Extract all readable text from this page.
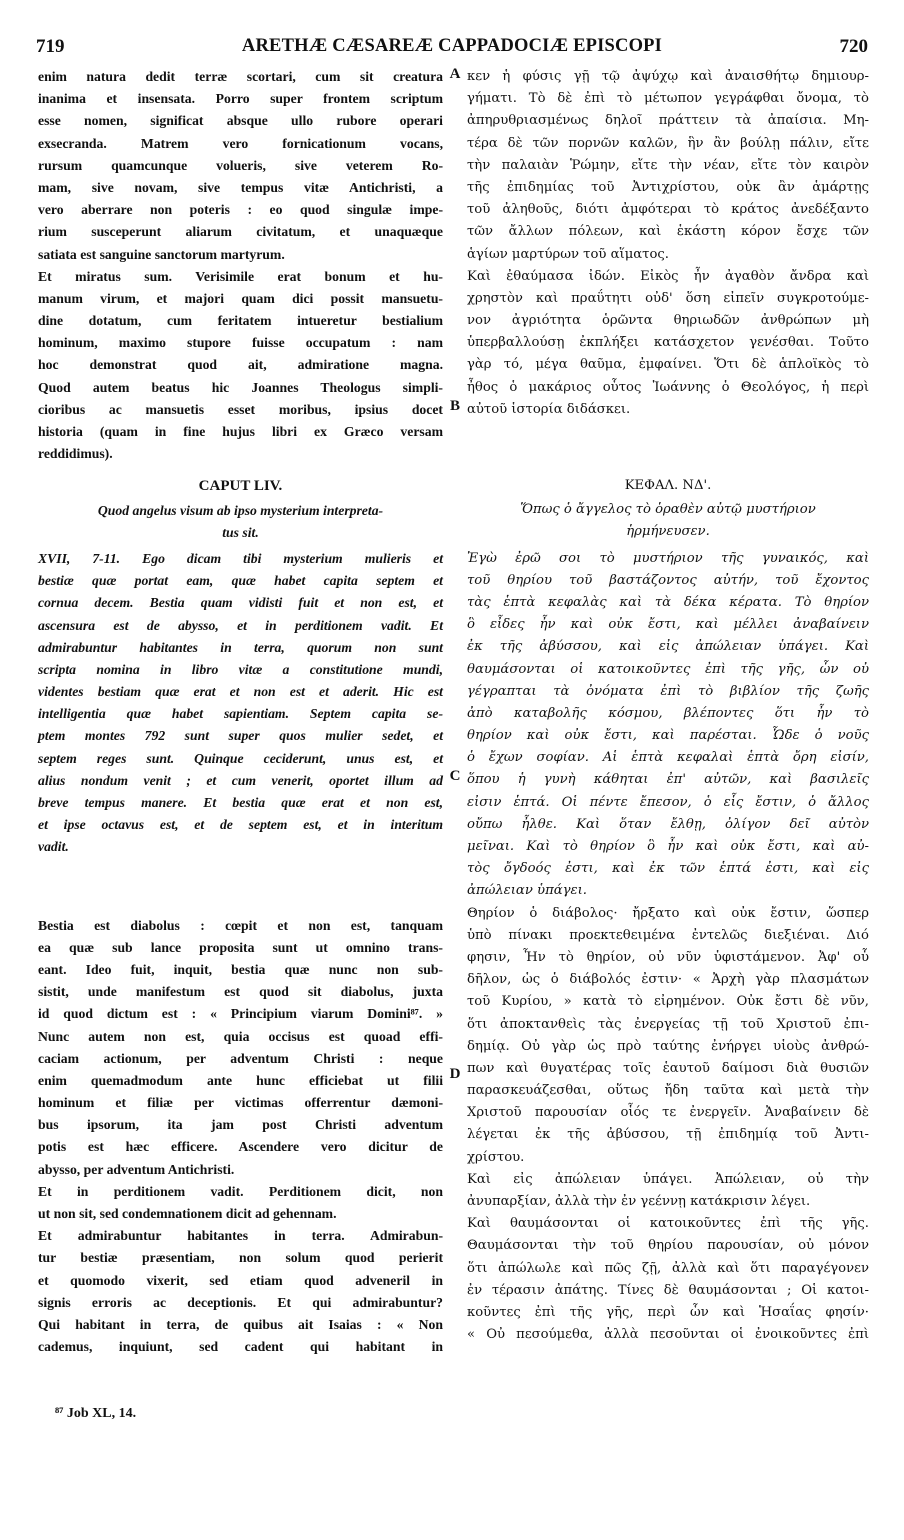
719	ARETHÆ CÆSAREÆ CAPPADOCIÆ EPISCOPI	720
A
B
C
D
enim natura dedit terræ scortari, cum sit creatura
inanima et insensata. Porro super frontem scriptum
esse nomen, significat absque ullo rubore operari
exsecranda. Matrem vero fornicationum vocans,
rursum quamcunque volueris, sive veterem Ro-
mam, sive novam, sive tempus vitæ Antichristi, a
vero aberrare non poteris : eo quod singulæ impe-
rium susceperunt aliarum civitatum, et unaquæque
satiata est sanguine sanctorum martyrum.
Et miratus sum. Verisimile erat bonum et hu-
manum virum, et majori quam dici possit mansuetu-
dine dotatum, cum feritatem intueretur bestialium
hominum, maximo stupore fuisse occupatum : nam
hoc demonstrat quod ait, admiratione magna.
Quod autem beatus hic Joannes Theologus simpli-
cioribus ac mansuetis esset moribus, ipsius docet
historia (quam in fine hujus libri ex Græco versam
reddidimus).
CAPUT LIV.
Quod angelus visum ab ipso mysterium interpreta-
tus sit.
XVII, 7-11. Ego dicam tibi mysterium mulieris et
bestiæ quæ portat eam, quæ habet capita septem et
cornua decem. Bestia quam vidisti fuit et non est, et
ascensura est de abysso, et in perditionem vadit. Et
admirabuntur habitantes in terra, quorum non sunt
scripta nomina in libro vitæ a constitutione mundi,
videntes bestiam quæ erat et non est et aderit. Hic est
intelligentia quæ habet sapientiam. Septem capita se-
ptem montes 792 sunt super quos mulier sedet, et
septem reges sunt. Quinque ceciderunt, unus est, et
alius nondum venit ; et cum venerit, oportet illum ad
breve tempus manere. Et bestia quæ erat et non est,
et ipse octavus est, et de septem est, et in interitum
vadit.
Bestia est diabolus : cœpit et non est, tanquam
ea quæ sub lance proposita sunt ut omnino trans-
eant. Ideo fuit, inquit, bestia quæ nunc non sub-
sistit, unde manifestum est quod sit diabolus, juxta
id quod dictum est : « Principium viarum Domini⁸⁷. »
Nunc autem non est, quia occisus est quoad effi-
caciam actionum, per adventum Christi : neque
enim quemadmodum ante hunc efficiebat ut filii
hominum et filiæ per victimas offerrentur dæmoni-
bus ipsorum, ita jam post Christi adventum
potis est hæc efficere. Ascendere vero dicitur de
abysso, per adventum Antichristi.
Et in perditionem vadit. Perditionem dicit, non
ut non sit, sed condemnationem dicit ad gehennam.
Et admirabuntur habitantes in terra. Admirabun-
tur bestiæ præsentiam, non solum quod perierit
et quomodo vixerit, sed etiam quod adveneril in
signis erroris ac deceptionis. Et qui admirabuntur?
Qui habitant in terra, de quibus ait Isaias : « Non
cademus, inquiunt, sed cadent qui habitant in
κεν ἡ φύσις γῇ τῷ ἀψύχῳ καὶ ἀναισθήτῳ δημιουρ-
γήματι. Τὸ δὲ ἐπὶ τὸ μέτωπον γεγράφθαι ὄνομα, τὸ
ἀπηρυθριασμένως δηλοῖ πράττειν τὰ ἀπαίσια. Μη-
τέρα δὲ τῶν πορνῶν καλῶν, ἣν ἂν βούλῃ πάλιν, εἴτε
τὴν παλαιὰν Ῥώμην, εἴτε τὴν νέαν, εἴτε τὸν καιρὸν
τῆς ἐπιδημίας τοῦ Ἀντιχρίστου, οὐκ ἂν ἁμάρτῃς
τοῦ ἀληθοῦς, διότι ἀμφότεραι τὸ κράτος ἀνεδέξαντο
τῶν ἄλλων πόλεων, καὶ ἑκάστη κόρον ἔσχε τῶν
ἁγίων μαρτύρων τοῦ αἵματος.
Καὶ ἐθαύμασα ἰδών. Εἰκὸς ἦν ἀγαθὸν ἄνδρα καὶ
χρηστὸν καὶ πραΰτητι οὐδ' ὅση εἰπεῖν συγκροτούμε-
νον ἀγριότητα ὁρῶντα θηριωδῶν ἀνθρώπων μὴ
ὑπερβαλλούσῃ ἐκπλήξει κατάσχετον γενέσθαι. Τοῦτο
γὰρ τό, μέγα θαῦμα, ἐμφαίνει. Ὅτι δὲ ἁπλοϊκὸς τὸ
ἦθος ὁ μακάριος οὗτος Ἰωάννης ὁ Θεολόγος, ἡ περὶ
αὐτοῦ ἱστορία διδάσκει.
ΚΕΦΑΛ. ΝΔ'.
Ὅπως ὁ ἄγγελος τὸ ὁραθὲν αὐτῷ μυστήριον
ἡρμήνευσεν.
Ἐγὼ ἐρῶ σοι τὸ μυστήριον τῆς γυναικός, καὶ
τοῦ θηρίου τοῦ βαστάζοντος αὐτήν, τοῦ ἔχοντος
τὰς ἑπτὰ κεφαλὰς καὶ τὰ δέκα κέρατα. Τὸ θηρίον
ὃ εἶδες ἦν καὶ οὐκ ἔστι, καὶ μέλλει ἀναβαίνειν
ἐκ τῆς ἀβύσσου, καὶ εἰς ἀπώλειαν ὑπάγει. Καὶ
θαυμάσονται οἱ κατοικοῦντες ἐπὶ τῆς γῆς, ὧν οὐ
γέγραπται τὰ ὀνόματα ἐπὶ τὸ βιβλίον τῆς ζωῆς
ἀπὸ καταβολῆς κόσμου, βλέποντες ὅτι ἦν τὸ
θηρίον καὶ οὐκ ἔστι, καὶ παρέσται. Ὧδε ὁ νοῦς
ὁ ἔχων σοφίαν. Αἱ ἑπτὰ κεφαλαὶ ἑπτὰ ὄρη εἰσίν,
ὅπου ἡ γυνὴ κάθηται ἐπ' αὐτῶν, καὶ βασιλεῖς
εἰσιν ἑπτά. Οἱ πέντε ἔπεσον, ὁ εἷς ἔστιν, ὁ ἄλλος
οὔπω ἦλθε. Καὶ ὅταν ἔλθῃ, ὀλίγον δεῖ αὐτὸν
μεῖναι. Καὶ τὸ θηρίον ὃ ἦν καὶ οὐκ ἔστι, καὶ αὐ-
τὸς ὄγδοός ἐστι, καὶ ἐκ τῶν ἑπτά ἐστι, καὶ εἰς
ἀπώλειαν ὑπάγει.
Θηρίον ὁ διάβολος· ἤρξατο καὶ οὐκ ἔστιν, ὥσπερ
ὑπὸ πίνακι προεκτεθειμένα ἐντελῶς διεξιέναι. Διό
φησιν, Ἦν τὸ θηρίον, οὐ νῦν ὑφιστάμενον. Ἀφ' οὗ
δῆλον, ὡς ὁ διάβολός ἐστιν· « Ἀρχὴ γὰρ πλασμάτων
τοῦ Κυρίου, » κατὰ τὸ εἰρημένον. Οὐκ ἔστι δὲ νῦν,
ὅτι ἀποκτανθεὶς τὰς ἐνεργείας τῇ τοῦ Χριστοῦ ἐπι-
δημίᾳ. Οὐ γὰρ ὡς πρὸ ταύτης ἐνήργει υἱοὺς ἀνθρώ-
πων καὶ θυγατέρας τοῖς ἑαυτοῦ δαίμοσι διὰ θυσιῶν
παρασκευάζεσθαι, οὕτως ἤδη ταῦτα καὶ μετὰ τὴν
Χριστοῦ παρουσίαν οἷός τε ἐνεργεῖν. Ἀναβαίνειν δὲ
λέγεται ἐκ τῆς ἀβύσσου, τῇ ἐπιδημίᾳ τοῦ Ἀντι-
χρίστου.
Καὶ εἰς ἀπώλειαν ὑπάγει. Ἀπώλειαν, οὐ τὴν
ἀνυπαρξίαν, ἀλλὰ τὴν ἐν γεέννῃ κατάκρισιν λέγει.
Καὶ θαυμάσονται οἱ κατοικοῦντες ἐπὶ τῆς γῆς.
Θαυμάσονται τὴν τοῦ θηρίου παρουσίαν, οὐ μόνον
ὅτι ἀπώλωλε καὶ πῶς ζῇ, ἀλλὰ καὶ ὅτι παραγέγονεν
ἐν τέρασιν ἀπάτης. Τίνες δὲ θαυμάσονται ; Οἱ κατοι-
κοῦντες ἐπὶ τῆς γῆς, περὶ ὧν καὶ Ἡσαΐας φησίν·
« Οὐ πεσούμεθα, ἀλλὰ πεσοῦνται οἱ ἐνοικοῦντες ἐπὶ
⁸⁷ Job XL, 14.
